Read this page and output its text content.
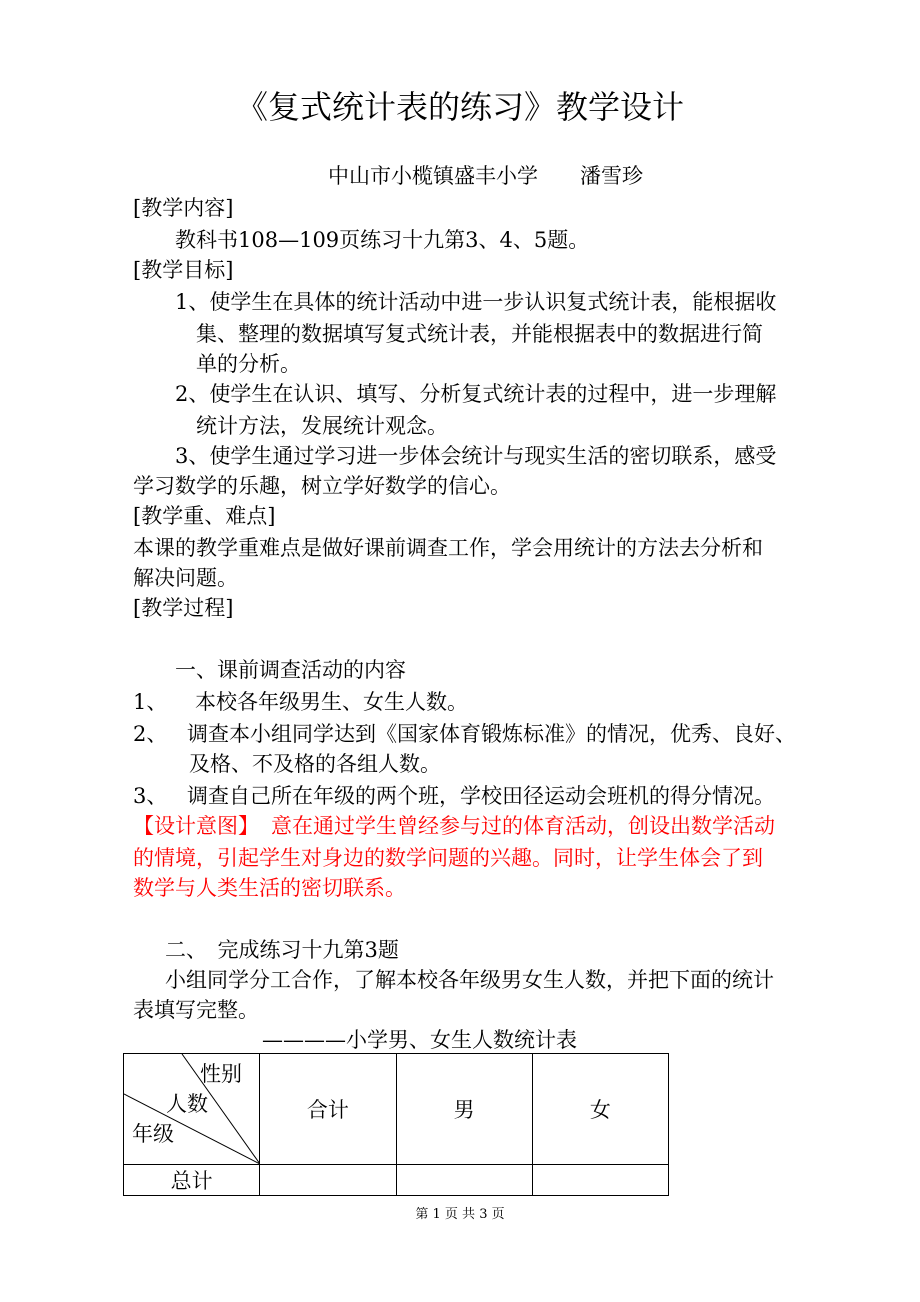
《复式统计表的练习》教学设计
中山市小榄镇盛丰小学　　潘雪珍
[教学内容]
教科书108—109页练习十九第3、4、5题。
[教学目标]
1、使学生在具体的统计活动中进一步认识复式统计表，能根据收
集、整理的数据填写复式统计表，并能根据表中的数据进行简
单的分析。
2、使学生在认识、填写、分析复式统计表的过程中，进一步理解
统计方法，发展统计观念。
3、使学生通过学习进一步体会统计与现实生活的密切联系，感受
学习数学的乐趣，树立学好数学的信心。
[教学重、难点]
本课的教学重难点是做好课前调查工作，学会用统计的方法去分析和
解决问题。
[教学过程]
一、课前调查活动的内容
1、 本校各年级男生、女生人数。
2、 调查本小组同学达到《国家体育锻炼标准》的情况，优秀、良好、
及格、不及格的各组人数。
3、 调查自己所在年级的两个班，学校田径运动会班机的得分情况。
【设计意图】 意在通过学生曾经参与过的体育活动，创设出数学活动
的情境，引起学生对身边的数学问题的兴趣。同时，让学生体会了到
数学与人类生活的密切联系。
二、　完成练习十九第3题
小组同学分工合作，了解本校各年级男女生人数，并把下面的统计
表填写完整。
————小学男、女生人数统计表
性别
人数
年级	合计	男	女
总计			
第 1 页 共 3 页
